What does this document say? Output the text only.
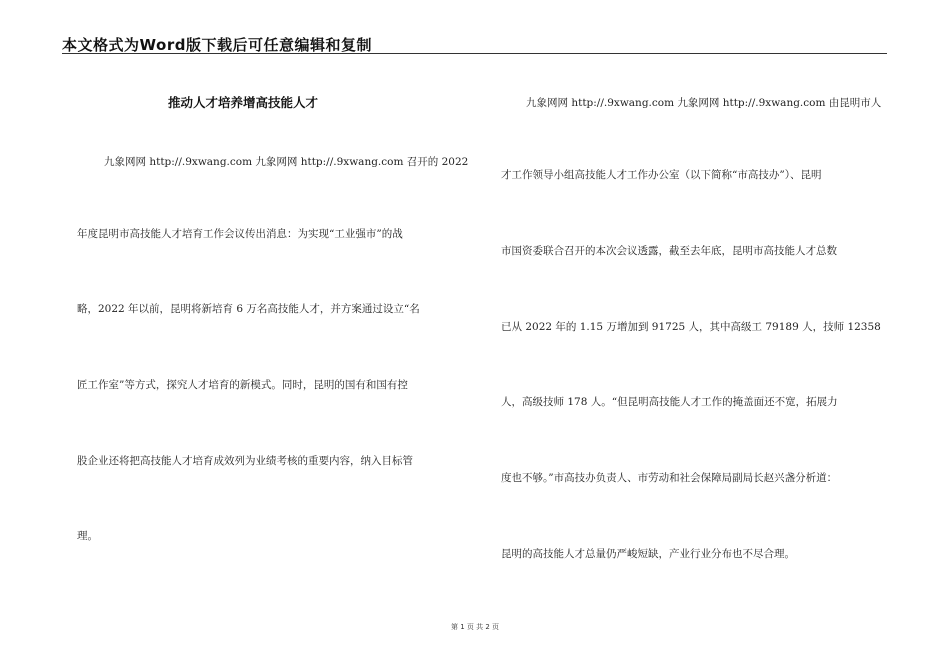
本文格式为Word版下载后可任意编辑和复制
推动人才培养增高技能人才
九象网网 http://.9xwang.com 九象网网 http://.9xwang.com 召开的 2022
年度昆明市高技能人才培育工作会议传出消息：为实现“工业强市”的战
略，2022 年以前，昆明将新培育 6 万名高技能人才，并方案通过设立“名
匠工作室”等方式，探究人才培育的新模式。同时，昆明的国有和国有控
股企业还将把高技能人才培育成效列为业绩考核的重要内容，纳入目标管
理。
九象网网 http://.9xwang.com 九象网网 http://.9xwang.com 由昆明市人
才工作领导小组高技能人才工作办公室（以下简称“市高技办”）、昆明
市国资委联合召开的本次会议透露，截至去年底，昆明市高技能人才总数
已从 2022 年的 1.15 万增加到 91725 人，其中高级工 79189 人，技师 12358
人，高级技师 178 人。“但昆明高技能人才工作的掩盖面还不宽，拓展力
度也不够。”市高技办负责人、市劳动和社会保障局副局长赵兴盏分析道：
昆明的高技能人才总量仍严峻短缺，产业行业分布也不尽合理。
第 1 页 共 2 页
